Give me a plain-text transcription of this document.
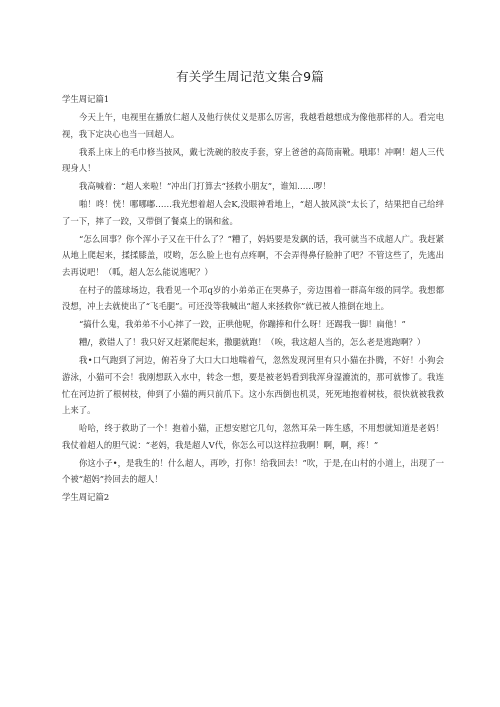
有关学生周记范文集合9篇

学生周记篇1

今天上午，电视里在播放仁超人及他行侠仗义是那么厉害，我越看越想成为像他那样的人。看完电视，我下定决心也当一回超人。

我系上床上的毛巾修当披风，戴七洗碗的胶皮手套，穿上爸爸的高筒南靴。哦耶！冲啊！超人三代现身人！

我高喊着：“超人来啦！”冲出门打算去“拯救小朋友”，谁知……啰！

啪！咚！恍！哪哪嘟……我光想着超人会K,没眼神看地上，“超人披风淡”太长了，结果把自己给绊了一下，摔了一跤，又带倒了餐桌上的锅和盆。

“怎么回事？你个浑小子又在干什么了？”糟了，妈妈要是发飙的话，我可就当不成超人广。我赶紧从地上爬起来，揉揉膝盖，哎哟，怎么脸上也有点疼啊，不会弄得鼻仔脸肿了吧？不管这些了，先逃出去再说吧！（呱，超人怎么能说逃呢？）

在村子的篮球场边，我看见一个邛q岁的小弟弟正在哭鼻子，旁边围着一群高年级的同学。我想都没想，冲上去就使出了“飞毛腿”。可还没等我喊出“超人来拯救你”就已被人推倒在地上。

“搞什么鬼，我弟弟不小心摔了一跤，正哄他呢，你蹦捧和什么呀！还踢我一脚！扁他！”

糟/，救错人了！我只好又赶紧爬起来，撒腿就跑！（唉，我这超人当的，怎么老是逃跑啊？）

我•口气跑到了河边，俯若身了大口大口地喘着气，忽然发现河里有只小猫在扑腾，不好！小狗会游泳，小猫可不会！我刚想跃入水中，转念一想，要是被老妈看到我浑身湿漉流的，那可就惨了。我连忙在河边折了根树枝，伸到了小猫的两只前爪下。这小东西倒也机灵，死死地抱着树枝，很快就被我救上来了。

哈哈，终于救助了一个！抱着小猫，正想安慰它几句，忽然耳朵一阵生感，不用想就知道是老妈！我仗着超人的胆气说：“老妈，我是超人V代，你怎么可以这样拉我啊！啊，啊，疼！”

你这小子•，是我生的！什么超人，再吵，打你！给我回去！”吹，于是,在山村的小道上，出现了一个被“超妈”拎回去的超人！

学生周记篇2
